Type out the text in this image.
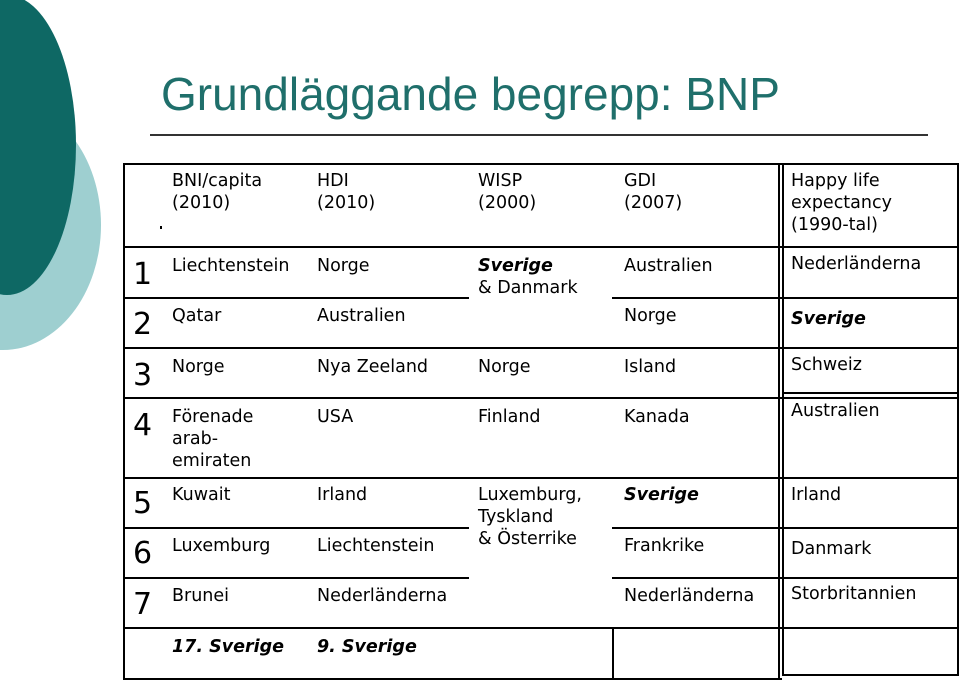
Grundläggande begrepp: BNP
BNI/capita
(2010)
HDI
(2010)
WISP
(2000)
GDI
(2007)
Happy life
expectancy
(1990-tal)
1
2
3
4
5
6
7
Liechtenstein
Qatar
Norge
Förenade
arab-
emiraten
Kuwait
Luxemburg
Brunei
Norge
Australien
Nya Zeeland
USA
Irland
Liechtenstein
Nederländerna
Sverige
& Danmark
Norge
Finland
Luxemburg,
Tyskland
& Österrike
Australien
Norge
Island
Kanada
Sverige
Frankrike
Nederländerna
Nederländerna
Sverige
Schweiz
Australien
Irland
Danmark
Storbritannien
17. Sverige 9. Sverige
